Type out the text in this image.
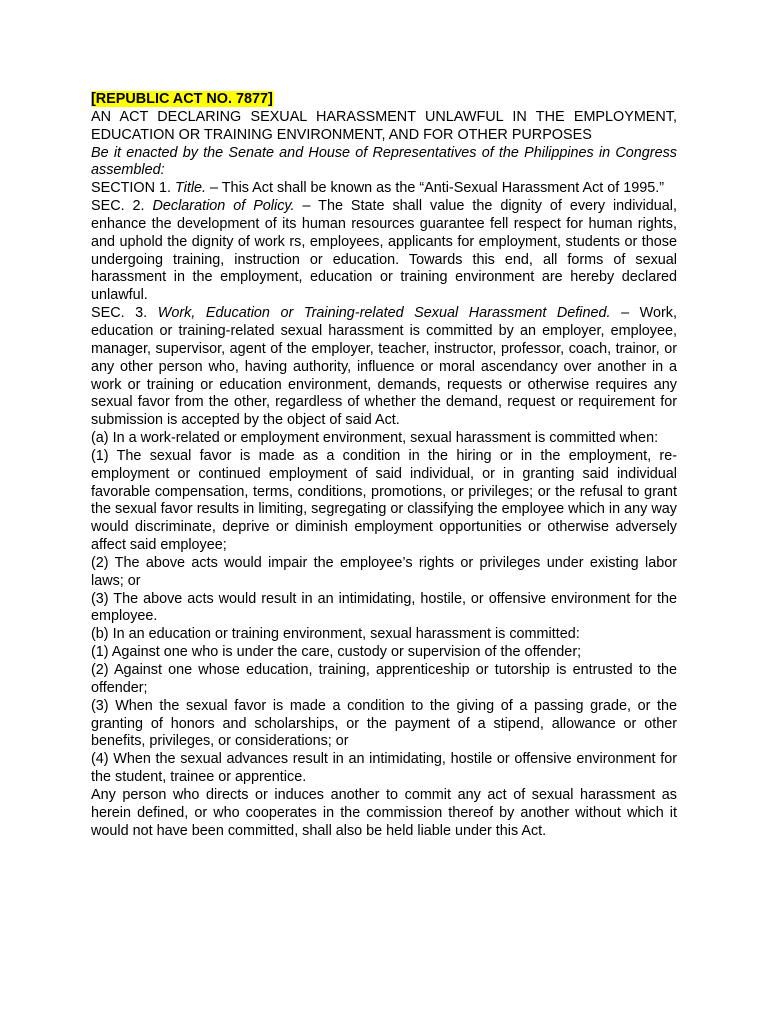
[REPUBLIC ACT NO. 7877]

AN ACT DECLARING SEXUAL HARASSMENT UNLAWFUL IN THE EMPLOYMENT, EDUCATION OR TRAINING ENVIRONMENT, AND FOR OTHER PURPOSES

Be it enacted by the Senate and House of Representatives of the Philippines in Congress assembled:

SECTION 1. Title. – This Act shall be known as the “Anti-Sexual Harassment Act of 1995.”

SEC. 2. Declaration of Policy. – The State shall value the dignity of every individual, enhance the development of its human resources guarantee fell respect for human rights, and uphold the dignity of work rs, employees, applicants for employment, students or those undergoing training, instruction or education. Towards this end, all forms of sexual harassment in the employment, education or training environment are hereby declared unlawful.

SEC. 3. Work, Education or Training-related Sexual Harassment Defined. – Work, education or training-related sexual harassment is committed by an employer, employee, manager, supervisor, agent of the employer, teacher, instructor, professor, coach, trainor, or any other person who, having authority, influence or moral ascendancy over another in a work or training or education environment, demands, requests or otherwise requires any sexual favor from the other, regardless of whether the demand, request or requirement for submission is accepted by the object of said Act.

(a) In a work-related or employment environment, sexual harassment is committed when:

(1) The sexual favor is made as a condition in the hiring or in the employment, re-employment or continued employment of said individual, or in granting said individual favorable compensation, terms, conditions, promotions, or privileges; or the refusal to grant the sexual favor results in limiting, segregating or classifying the employee which in any way would discriminate, deprive or diminish employment opportunities or otherwise adversely affect said employee;

(2) The above acts would impair the employee’s rights or privileges under existing labor laws; or

(3) The above acts would result in an intimidating, hostile, or offensive environment for the employee.

(b) In an education or training environment, sexual harassment is committed:

(1) Against one who is under the care, custody or supervision of the offender;

(2) Against one whose education, training, apprenticeship or tutorship is entrusted to the offender;

(3) When the sexual favor is made a condition to the giving of a passing grade, or the granting of honors and scholarships, or the payment of a stipend, allowance or other benefits, privileges, or considerations; or

(4) When the sexual advances result in an intimidating, hostile or offensive environment for the student, trainee or apprentice.

Any person who directs or induces another to commit any act of sexual harassment as herein defined, or who cooperates in the commission thereof by another without which it would not have been committed, shall also be held liable under this Act.
